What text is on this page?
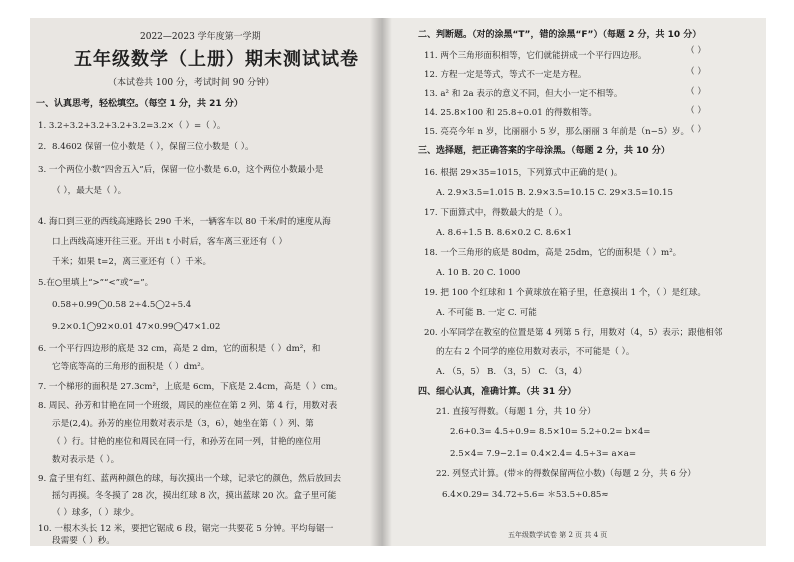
2022—2023 学年度第一学期
五年级数学（上册）期末测试试卷
（本试卷共 100 分，考试时间 90 分钟）
一、认真思考，轻松填空。（每空 1 分，共 21 分）
1. 3.2÷3.2+3.2+3.2+3.2=3.2×（ ）=（ ）。
2．8.4602 保留一位小数是（ ），保留三位小数是（ ）。
3. 一个两位小数“四舍五入”后，保留一位小数是 6.0，这个两位小数最小是
（ ），最大是（ ）。
4. 海口到三亚的西线高速路长 290 千米，一辆客车以 80 千米/时的速度从海
口上西线高速开往三亚。开出 t 小时后，客车离三亚还有（ ）
千米；如果 t=2，离三亚还有（ ）千米。
5.在○里填上“>”“<”或“=”。
0.58÷0.99◯0.58 2÷4.5◯2÷5.4
9.2×0.1◯92×0.01 47×0.99◯47×1.02
6. 一个平行四边形的底是 32 cm，高是 2 dm，它的面积是（ ）dm²，和
它等底等高的三角形的面积是（ ）dm²。
7. 一个梯形的面积是 27.3cm²，上底是 6cm，下底是 2.4cm，高是（ ）cm。
8. 周民、孙芳和甘艳在同一个班级，周民的座位在第 2 列、第 4 行，用数对表
示是(2,4)。孙芳的座位用数对表示是（3，6），她坐在第（ ）列、第
（ ）行。甘艳的座位和周民在同一行，和孙芳在同一列，甘艳的座位用
数对表示是（ ）。
9. 盒子里有红、蓝两种颜色的球，每次摸出一个球，记录它的颜色，然后放回去
摇匀再摸。冬冬摸了 28 次，摸出红球 8 次，摸出蓝球 20 次。盒子里可能
（ ）球多，（ ）球少。
10. 一根木头长 12 米，要把它锯成 6 段，锯完一共要花 5 分钟。平均每锯一
段需要（ ）秒。
二、判断题。（对的涂黑“T”，错的涂黑“F”）（每题 2 分，共 10 分）
11. 两个三角形面积相等，它们就能拼成一个平行四边形。	（ ）
12. 方程一定是等式，等式不一定是方程。	（ ）
13. a² 和 2a 表示的意义不同，但大小一定不相等。	（ ）
14. 25.8×100 和 25.8÷0.01 的得数相等。	（ ）
15. 亮亮今年 n 岁，比丽丽小 5 岁，那么丽丽 3 年前是（n−5）岁。
（ ）
三、选择题，把正确答案的字母涂黑。（每题 2 分，共 10 分）
16. 根据 29×35=1015，下列算式中正确的是( )。
A. 2.9×3.5=1.015 B. 2.9×3.5=10.15 C. 29×3.5=10.15
17. 下面算式中，得数最大的是（ ）。
A. 8.6÷1.5 B. 8.6×0.2 C. 8.6×1
18. 一个三角形的底是 80dm，高是 25dm，它的面积是（ ）m²。
A. 10 B. 20 C. 1000
19. 把 100 个红球和 1 个黄球放在箱子里，任意摸出 1 个，（ ）是红球。
A. 不可能 B. 一定 C. 可能
20. 小军同学在教室的位置是第 4 列第 5 行，用数对（4，5）表示；跟他相邻
的左右 2 个同学的座位用数对表示，不可能是（ ）。
A. （5，5） B. （3，5） C. （3，4）
四、细心认真，准确计算。（共 31 分）
21. 直接写得数。（每题 1 分，共 10 分）
2.6+0.3= 4.5÷0.9= 8.5×10= 5.2÷0.2= b×4=
2.5×4= 7.9−2.1= 0.4×2.4= 4.5÷3= a×a=
22. 列竖式计算。(带＊的得数保留两位小数)（每题 2 分，共 6 分）
6.4×0.29= 34.72÷5.6= ＊53.5÷0.85≈
五年级数学试卷 第 2 页 共 4 页
